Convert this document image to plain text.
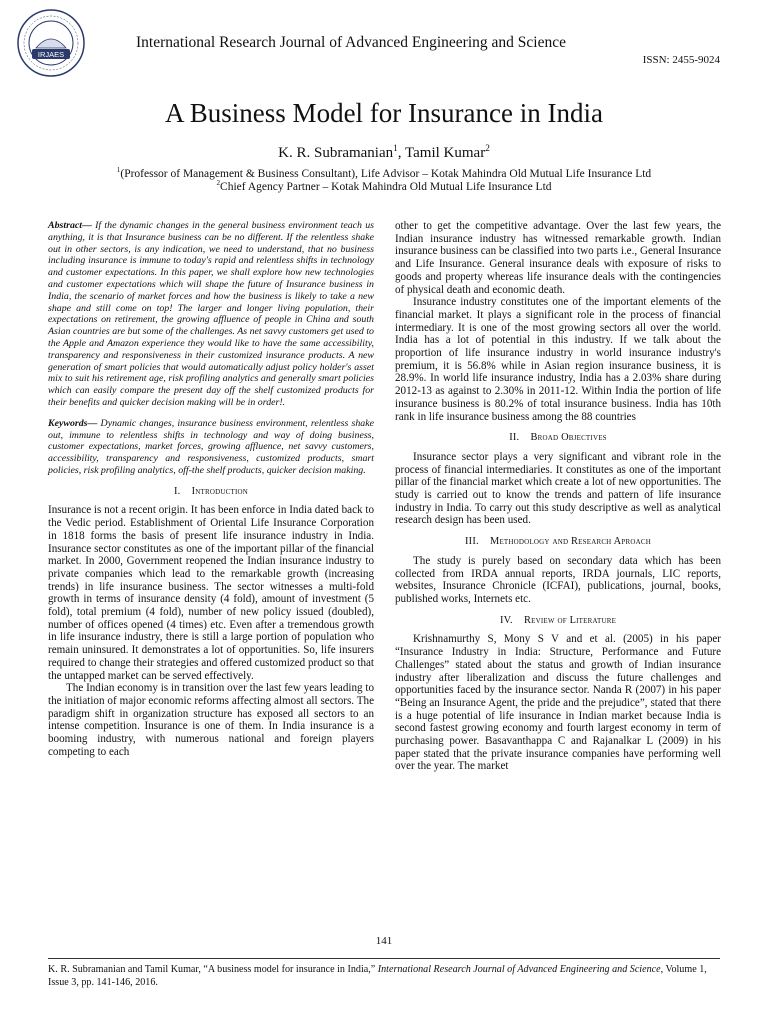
IRJAES
International Research Journal of Advanced Engineering and Science
ISSN: 2455-9024
A Business Model for Insurance in India
K. R. Subramanian$^1$, Tamil Kumar$^2$
$^1$(Professor of Management & Business Consultant), Life Advisor – Kotak Mahindra Old Mutual Life Insurance Ltd
$^2$Chief Agency Partner – Kotak Mahindra Old Mutual Life Insurance Ltd

Abstract— If the dynamic changes in the general business environment teach us anything, it is that Insurance business can be no different. If the relentless shake out in other sectors, is any indication, we need to understand, that no business including insurance is immune to today's rapid and relentless shifts in technology and customer expectations. In this paper, we shall explore how new technologies and customer expectations which will shape the future of Insurance business in India, the scenario of market forces and how the business is likely to take a new shape and still come on top! The larger and longer living population, their expectations on retirement, the growing affluence of people in China and south Asian countries are but some of the challenges. As net savvy customers get used to the Apple and Amazon experience they would like to have the same accessibility, transparency and responsiveness in their customized insurance products. A new generation of smart policies that would automatically adjust policy holder's asset mix to suit his retirement age, risk profiling analytics and generally smart policies which can easily compare the present day off the shelf customized products for their benefits and quicker decision making will be in order!.

Keywords— Dynamic changes, insurance business environment, relentless shake out, immune to relentless shifts in technology and way of doing business, customer expectations, market forces, growing affluence, net savvy customers, accessibility, transparency and responsiveness, customized products, smart policies, risk profiling analytics, off-the shelf products, quicker decision making.

I. Introduction

Insurance is not a recent origin. It has been enforce in India dated back to the Vedic period. Establishment of Oriental Life Insurance Corporation in 1818 forms the basis of present life insurance industry in India. Insurance sector constitutes as one of the important pillar of the financial market. In 2000, Government reopened the Indian insurance industry to private companies which lead to the remarkable growth (increasing trends) in life insurance business. The sector witnesses a multi-fold growth in terms of insurance density (4 fold), amount of investment (5 fold), total premium (4 fold), number of new policy issued (doubled), number of offices opened (4 times) etc. Even after a tremendous growth in life insurance industry, there is still a large portion of population who remain uninsured. It demonstrates a lot of opportunities. So, life insurers required to change their strategies and offered customized product so that the untapped market can be served effectively.

The Indian economy is in transition over the last few years leading to the initiation of major economic reforms affecting almost all sectors. The paradigm shift in organization structure has exposed all sectors to an intense competition. Insurance is one of them. In India insurance is a booming industry, with numerous national and foreign players competing to each

other to get the competitive advantage. Over the last few years, the Indian insurance industry has witnessed remarkable growth. Indian insurance business can be classified into two parts i.e., General Insurance and Life Insurance. General insurance deals with exposure of risks to goods and property whereas life insurance deals with the contingencies of physical death and economic death.

Insurance industry constitutes one of the important elements of the financial market. It plays a significant role in the process of financial intermediary. It is one of the most growing sectors all over the world. India has a lot of potential in this industry. If we talk about the proportion of life insurance industry in world insurance industry's premium, it is 56.8% while in Asian region insurance business, it is 28.9%. In world life insurance industry, India has a 2.03% share during 2012-13 as against to 2.30% in 2011-12. Within India the portion of life insurance business is 80.2% of total insurance business. India has 10th rank in life insurance business among the 88 countries

II. Broad Objectives

Insurance sector plays a very significant and vibrant role in the process of financial intermediaries. It constitutes as one of the important pillar of the financial market which create a lot of new opportunities. The study is carried out to know the trends and pattern of life insurance industry in India. To carry out this study descriptive as well as analytical research design has been used.

III. Methodology and Research Aproach

The study is purely based on secondary data which has been collected from IRDA annual reports, IRDA journals, LIC reports, websites, Insurance Chronicle (ICFAI), publications, journal, books, published works, Internets etc.

IV. Review of Literature

Krishnamurthy S, Mony S V and et al. (2005) in his paper “Insurance Industry in India: Structure, Performance and Future Challenges” stated about the status and growth of Indian insurance industry after liberalization and discuss the future challenges and opportunities faced by the insurance sector. Nanda R (2007) in his paper “Being an Insurance Agent, the pride and the prejudice”, stated that there is a huge potential of life insurance in Indian market because India is second fastest growing economy and fourth largest economy in term of purchasing power. Basavanthappa C and Rajanalkar L (2009) in his paper stated that the private insurance companies have performing well over the year. The market

141
K. R. Subramanian and Tamil Kumar, “A business model for insurance in India,” International Research Journal of Advanced Engineering and Science, Volume 1, Issue 3, pp. 141-146, 2016.
